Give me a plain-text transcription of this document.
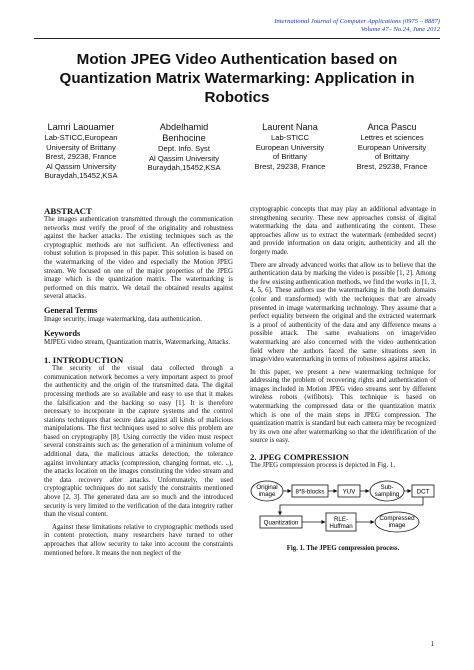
International Journal of Computer Applications (0975 – 8887)
Volume 47– No.24, June 2012
Motion JPEG Video Authentication based on Quantization Matrix Watermarking: Application in Robotics
Lamri Laouamer
Lab-STICC,European
University of Brittany
Brest, 29238, France
Al Qassim University
Buraydah,15452,KSA
Abdelhamid Benhocine
Dept. Info. Syst
Al Qassim University
Buraydah,15452,KSA
Laurent Nana
Lab-STICC
European University
of Brittany
Brest, 29238, France
Anca Pascu
Lettres et sciences
European University
of Brittany
Brest, 29238, France
ABSTRACT

The images authentication transmitted through the communication networks must verify the proof of the originality and robustness against the hacker attacks. The existing techniques such as the cryptographic methods are not sufficient. An effectiveness and robust solution is proposed in this paper. This solution is based on the watermarking of the video and especially the Motion JPEG stream. We focused on one of the major properties of the JPEG image which is the quantization matrix. The watermarking is performed on this matrix. We detail the obtained results against several attacks.

General Terms

Image security, image watermarking, data authentication.

Keywords

MJPEG video stream, Quantization matrix, Watermarking, Attacks.

1. INTRODUCTION

The security of the visual data collected through a communication network becomes a very important aspect to proof the authenticity and the origin of the transmitted data. The digital processing methods are so available and easy to use that it makes the falsification and the hacking so easy [1]. It is therefore necessary to incorporate in the capture systems and the control stations techniques that secure data against all kinds of malicious manipulations. The first techniques used to solve this problem are based on cryptography [8]. Using correctly the video must respect several constraints such as: the generation of a minimum volume of additional data, the malicious attacks detection, the tolerance against involuntary attacks (compression, changing format, etc. ..), the attacks location on the images constituting the video stream and the data recovery after attacks. Unfortunately, the used cryptographic techniques do not satisfy the constraints mentioned above [2, 3]. The generated data are so much and the introduced security is very limited to the verification of the data integrity rather than the visual content.

Against these limitations relative to cryptographic methods used in content protection, many researchers have turned to other approaches that allow security to take into account the constraints mentioned before. It means the non neglect of the

cryptographic concepts that may play an additional advantage in strengthening security. These new approaches consist of digital watermarking the data and authenticating the content. These approaches allow us to extract the watermark (embedded secret) and provide information on data origin, authenticity and all the forgery made.

There are already advanced works that allow us to believe that the authentication data by marking the video is possible [1, 2]. Among the few existing authentication methods, we find the works in [1, 3, 4, 5, 6]. These authors use the watermarking in the both domains (color and transformed) with the techniques that are already presented in image watermarking technology. They assume that a perfect equality between the original and the extracted watermark is a proof of authenticity of the data and any difference means a possible attack. The same evaluations on image/video watermarking are also concerned with the video authentication field where the authors faced the same situations seen in image/video watermarking in terms of robustness against attacks.

In this paper, we present a new watermarking technique for addressing the problem of recovering rights and authentication of images included in Motion JPEG video streams sent by different wireless robots (wifibots). This technique is based on watermarking the compressed data or the quantization matrix which is one of the main steps in JPEG compression. The quantization matrix is standard but each camera may be recognized by its own one after watermarking so that the identification of the source is easy.

2. JPEG COMPRESSION

The JPEG compression process is depicted in Fig. 1.

Original
image	8*8-blocks	YUV
Sub-
sampling	DCT
Quantization	RLE-
Huffman
Compressed
image
Fig. 1. The JPEG compression process.
1
